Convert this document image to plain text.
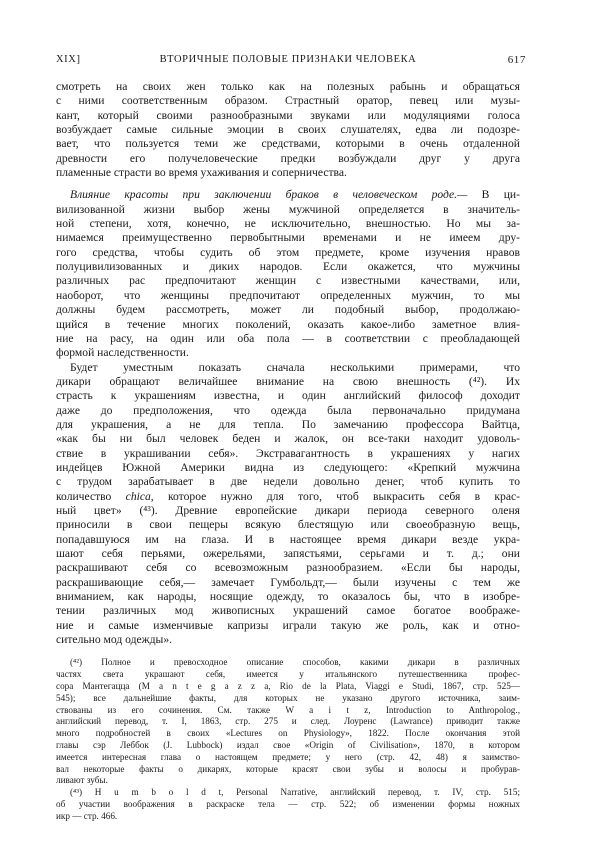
XIX]	ВТОРИЧНЫЕ ПОЛОВЫЕ ПРИЗНАКИ ЧЕЛОВЕКА	617
смотреть на своих жен только как на полезных рабынь и обращаться
с ними соответственным образом. Страстный оратор, певец или музы-
кант, который своими разнообразными звуками или модуляциями голоса
возбуждает самые сильные эмоции в своих слушателях, едва ли подозре-
вает, что пользуется теми же средствами, которыми в очень отдаленной
древности его получеловеческие предки возбуждали друг у друга
пламенные страсти во время ухаживания и соперничества.
Влияние красоты при заключении браков в человеческом роде.— В ци-
вилизованной жизни выбор жены мужчиной определяется в значитель-
ной степени, хотя, конечно, не исключительно, внешностью. Но мы за-
нимаемся преимущественно первобытными временами и не имеем дру-
гого средства, чтобы судить об этом предмете, кроме изучения нравов
полуцивилизованных и диких народов. Если окажется, что мужчины
различных рас предпочитают женщин с известными качествами, или,
наоборот, что женщины предпочитают определенных мужчин, то мы
должны будем рассмотреть, может ли подобный выбор, продолжаю-
щийся в течение многих поколений, оказать какое-либо заметное влия-
ние на расу, на один или оба пола — в соответствии с преобладающей
формой наследственности.
Будет уместным показать сначала несколькими примерами, что
дикари обращают величайшее внимание на свою внешность (⁴²). Их
страсть к украшениям известна, и один английский философ доходит
даже до предположения, что одежда была первоначально придумана
для украшения, а не для тепла. По замечанию профессора Вайтца,
«как бы ни был человек беден и жалок, он все-таки находит удоволь-
ствие в украшивании себя». Экстравагантность в украшениях у нагих
индейцев Южной Америки видна из следующего: «Крепкий мужчина
с трудом зарабатывает в две недели довольно денег, чтоб купить то
количество chica, которое нужно для того, чтоб выкрасить себя в крас-
ный цвет» (⁴³). Древние европейские дикари периода северного оленя
приносили в свои пещеры всякую блестящую или своеобразную вещь,
попадавшуюся им на глаза. И в настоящее время дикари везде укра-
шают себя перьями, ожерельями, запястьями, серьгами и т. д.; они
раскрашивают себя со всевозможным разнообразием. «Если бы народы,
раскрашивающие себя,— замечает Гумбольдт,— были изучены с тем же
вниманием, как народы, носящие одежду, то оказалось бы, что в изобре-
тении различных мод живописных украшений самое богатое воображе-
ние и самые изменчивые капризы играли такую же роль, как и отно-
сительно мод одежды».
(⁴²) Полное и превосходное описание способов, какими дикари в различных
частях света украшают себя, имеется у итальянского путешественника профес-
сора Мантегацца (M a n t e g a z z a, Rio de la Plata, Viaggi e Studi, 1867, стр. 525—
545); все дальнейшие факты, для которых не указано другого источника, заим-
ствованы из его сочинения. См. также W a i t z, Introduction to Anthropolog.,
английский перевод, т. I, 1863, стр. 275 и след. Лоуренс (Lawrance) приводит также
много подробностей в своих «Lectures on Physiology», 1822. После окончания этой
главы сэр Леббок (J. Lubbock) издал свое «Origin of Civilisation», 1870, в котором
имеется интересная глава о настоящем предмете; у него (стр. 42, 48) я заимство-
вал некоторые факты о дикарях, которые красят свои зубы и волосы и пробурав-
ливают зубы.
(⁴³) H u m b o l d t, Personal Narrative, английский перевод, т. IV, стр. 515;
об участии воображения в раскраске тела — стр. 522; об изменении формы ножных
икр — стр. 466.
